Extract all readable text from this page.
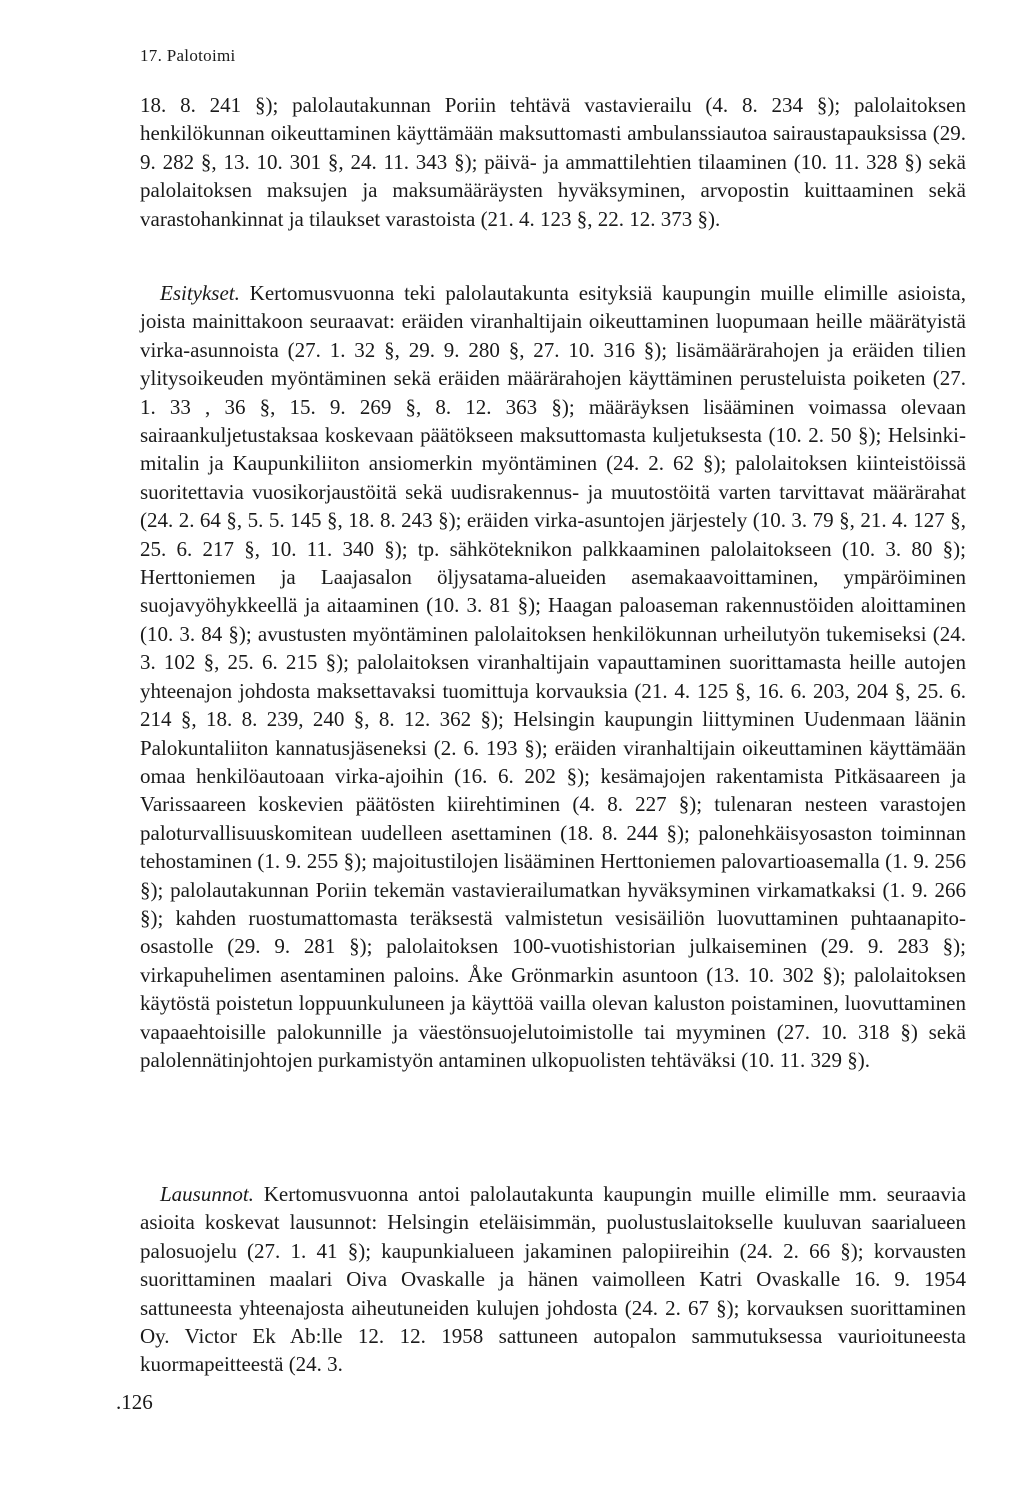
17. Palotoimi
18. 8. 241 §); palolautakunnan Poriin tehtävä vastavierailu (4. 8. 234 §); palolaitoksen henkilökunnan oikeuttaminen käyttämään maksuttomasti ambulanssiautoa sairaustapauksissa (29. 9. 282 §, 13. 10. 301 §, 24. 11. 343 §); päivä- ja ammattilehtien tilaaminen (10. 11. 328 §) sekä palolaitoksen maksujen ja maksumääräysten hyväksyminen, arvopostin kuittaaminen sekä varastohankinnat ja tilaukset varastoista (21. 4. 123 §, 22. 12. 373 §).
Esitykset. Kertomusvuonna teki palolautakunta esityksiä kaupungin muille elimille asioista, joista mainittakoon seuraavat: eräiden viranhaltijain oikeuttaminen luopumaan heille määrätyistä virka-asunnoista (27. 1. 32 §, 29. 9. 280 §, 27. 10. 316 §); lisämäärärahojen ja eräiden tilien ylitysoikeuden myöntäminen sekä eräiden määrärahojen käyttäminen perusteluista poiketen (27. 1. 33 , 36 §, 15. 9. 269 §, 8. 12. 363 §); määräyksen lisääminen voimassa olevaan sairaankuljetustaksaa koskevaan päätökseen maksuttomasta kuljetuksesta (10. 2. 50 §); Helsinki-mitalin ja Kaupunkiliiton ansiomerkin myöntäminen (24. 2. 62 §); palolaitoksen kiinteistöissä suoritettavia vuosikorjaustöitä sekä uudisrakennus- ja muutostöitä varten tarvittavat määrärahat (24. 2. 64 §, 5. 5. 145 §, 18. 8. 243 §); eräiden virka-asuntojen järjestely (10. 3. 79 §, 21. 4. 127 §, 25. 6. 217 §, 10. 11. 340 §); tp. sähköteknikon palkkaaminen palolaitokseen (10. 3. 80 §); Herttoniemen ja Laajasalon öljysatama-alueiden asemakaavoittaminen, ympäröiminen suojavyöhykkeellä ja aitaaminen (10. 3. 81 §); Haagan paloaseman rakennustöiden aloittaminen (10. 3. 84 §); avustusten myöntäminen palolaitoksen henkilökunnan urheilutyön tukemiseksi (24. 3. 102 §, 25. 6. 215 §); palolaitoksen viranhaltijain vapauttaminen suorittamasta heille autojen yhteenajon johdosta maksettavaksi tuomittuja korvauksia (21. 4. 125 §, 16. 6. 203, 204 §, 25. 6. 214 §, 18. 8. 239, 240 §, 8. 12. 362 §); Helsingin kaupungin liittyminen Uudenmaan läänin Palokuntaliiton kannatusjäseneksi (2. 6. 193 §); eräiden viranhaltijain oikeuttaminen käyttämään omaa henkilöautoaan virka-ajoihin (16. 6. 202 §); kesämajojen rakentamista Pitkäsaareen ja Varissaareen koskevien päätösten kiirehtiminen (4. 8. 227 §); tulenaran nesteen varastojen paloturvallisuuskomitean uudelleen asettaminen (18. 8. 244 §); palonehkäisyosaston toiminnan tehostaminen (1. 9. 255 §); majoitustilojen lisääminen Herttoniemen palovartioasemalla (1. 9. 256 §); palolautakunnan Poriin tekemän vastavierailumatkan hyväksyminen virkamatkaksi (1. 9. 266 §); kahden ruostumattomasta teräksestä valmistetun vesisäiliön luovuttaminen puhtaanapito-osastolle (29. 9. 281 §); palolaitoksen 100-vuotishistorian julkaiseminen (29. 9. 283 §); virkapuhelimen asentaminen paloins. Åke Grönmarkin asuntoon (13. 10. 302 §); palolaitoksen käytöstä poistetun loppuunkuluneen ja käyttöä vailla olevan kaluston poistaminen, luovuttaminen vapaaehtoisille palokunnille ja väestönsuojelutoimistolle tai myyminen (27. 10. 318 §) sekä palolennätinjohtojen purkamistyön antaminen ulkopuolisten tehtäväksi (10. 11. 329 §).
Lausunnot. Kertomusvuonna antoi palolautakunta kaupungin muille elimille mm. seuraavia asioita koskevat lausunnot: Helsingin eteläisimmän, puolustuslaitokselle kuuluvan saarialueen palosuojelu (27. 1. 41 §); kaupunkialueen jakaminen palopiireihin (24. 2. 66 §); korvausten suorittaminen maalari Oiva Ovaskalle ja hänen vaimolleen Katri Ovaskalle 16. 9. 1954 sattuneesta yhteenajosta aiheutuneiden kulujen johdosta (24. 2. 67 §); korvauksen suorittaminen Oy. Victor Ek Ab:lle 12. 12. 1958 sattuneen autopalon sammutuksessa vaurioituneesta kuormapeitteestä (24. 3.
.126
